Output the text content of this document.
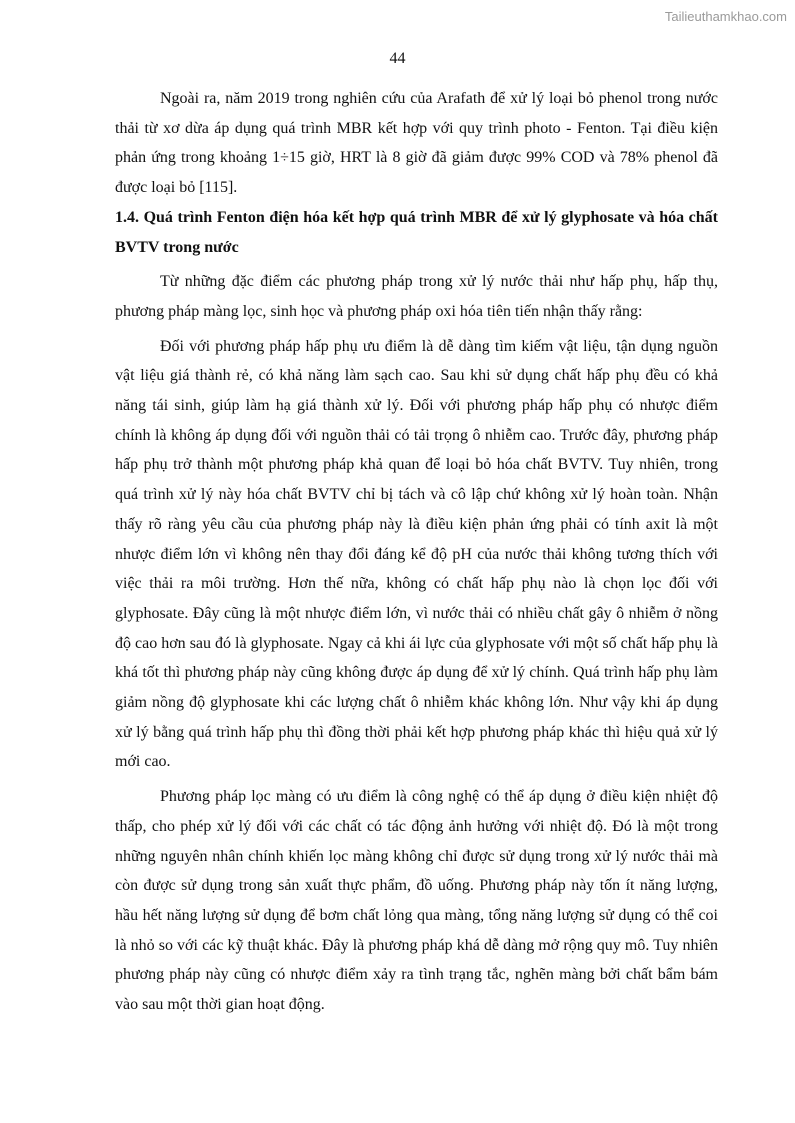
Tailieuthamkhao.com
44

Ngoài ra, năm 2019 trong nghiên cứu của Arafath để xử lý loại bỏ phenol trong nước thải từ xơ dừa áp dụng quá trình MBR kết hợp với quy trình photo - Fenton. Tại điều kiện phản ứng trong khoảng 1÷15 giờ, HRT là 8 giờ đã giảm được 99% COD và 78% phenol đã được loại bỏ [115].

1.4. Quá trình Fenton điện hóa kết hợp quá trình MBR để xử lý glyphosate và hóa chất BVTV trong nước

Từ những đặc điểm các phương pháp trong xử lý nước thải như hấp phụ, hấp thụ, phương pháp màng lọc, sinh học và phương pháp oxi hóa tiên tiến nhận thấy rằng:

Đối với phương pháp hấp phụ ưu điểm là dễ dàng tìm kiếm vật liệu, tận dụng nguồn vật liệu giá thành rẻ, có khả năng làm sạch cao. Sau khi sử dụng chất hấp phụ đều có khả năng tái sinh, giúp làm hạ giá thành xử lý. Đối với phương pháp hấp phụ có nhược điểm chính là không áp dụng đối với nguồn thải có tải trọng ô nhiễm cao. Trước đây, phương pháp hấp phụ trở thành một phương pháp khả quan để loại bỏ hóa chất BVTV. Tuy nhiên, trong quá trình xử lý này hóa chất BVTV chỉ bị tách và cô lập chứ không xử lý hoàn toàn. Nhận thấy rõ ràng yêu cầu của phương pháp này là điều kiện phản ứng phải có tính axit là một nhược điểm lớn vì không nên thay đổi đáng kể độ pH của nước thải không tương thích với việc thải ra môi trường. Hơn thế nữa, không có chất hấp phụ nào là chọn lọc đối với glyphosate. Đây cũng là một nhược điểm lớn, vì nước thải có nhiều chất gây ô nhiễm ở nồng độ cao hơn sau đó là glyphosate. Ngay cả khi ái lực của glyphosate với một số chất hấp phụ là khá tốt thì phương pháp này cũng không được áp dụng để xử lý chính. Quá trình hấp phụ làm giảm nồng độ glyphosate khi các lượng chất ô nhiễm khác không lớn. Như vậy khi áp dụng xử lý bằng quá trình hấp phụ thì đồng thời phải kết hợp phương pháp khác thì hiệu quả xử lý mới cao.

Phương pháp lọc màng có ưu điểm là công nghệ có thể áp dụng ở điều kiện nhiệt độ thấp, cho phép xử lý đối với các chất có tác động ảnh hưởng với nhiệt độ. Đó là một trong những nguyên nhân chính khiến lọc màng không chỉ được sử dụng trong xử lý nước thải mà còn được sử dụng trong sản xuất thực phẩm, đồ uống. Phương pháp này tốn ít năng lượng, hầu hết năng lượng sử dụng để bơm chất lỏng qua màng, tổng năng lượng sử dụng có thể coi là nhỏ so với các kỹ thuật khác. Đây là phương pháp khá dễ dàng mở rộng quy mô. Tuy nhiên phương pháp này cũng có nhược điểm xảy ra tình trạng tắc, nghẽn màng bởi chất bẩm bám vào sau một thời gian hoạt động.
